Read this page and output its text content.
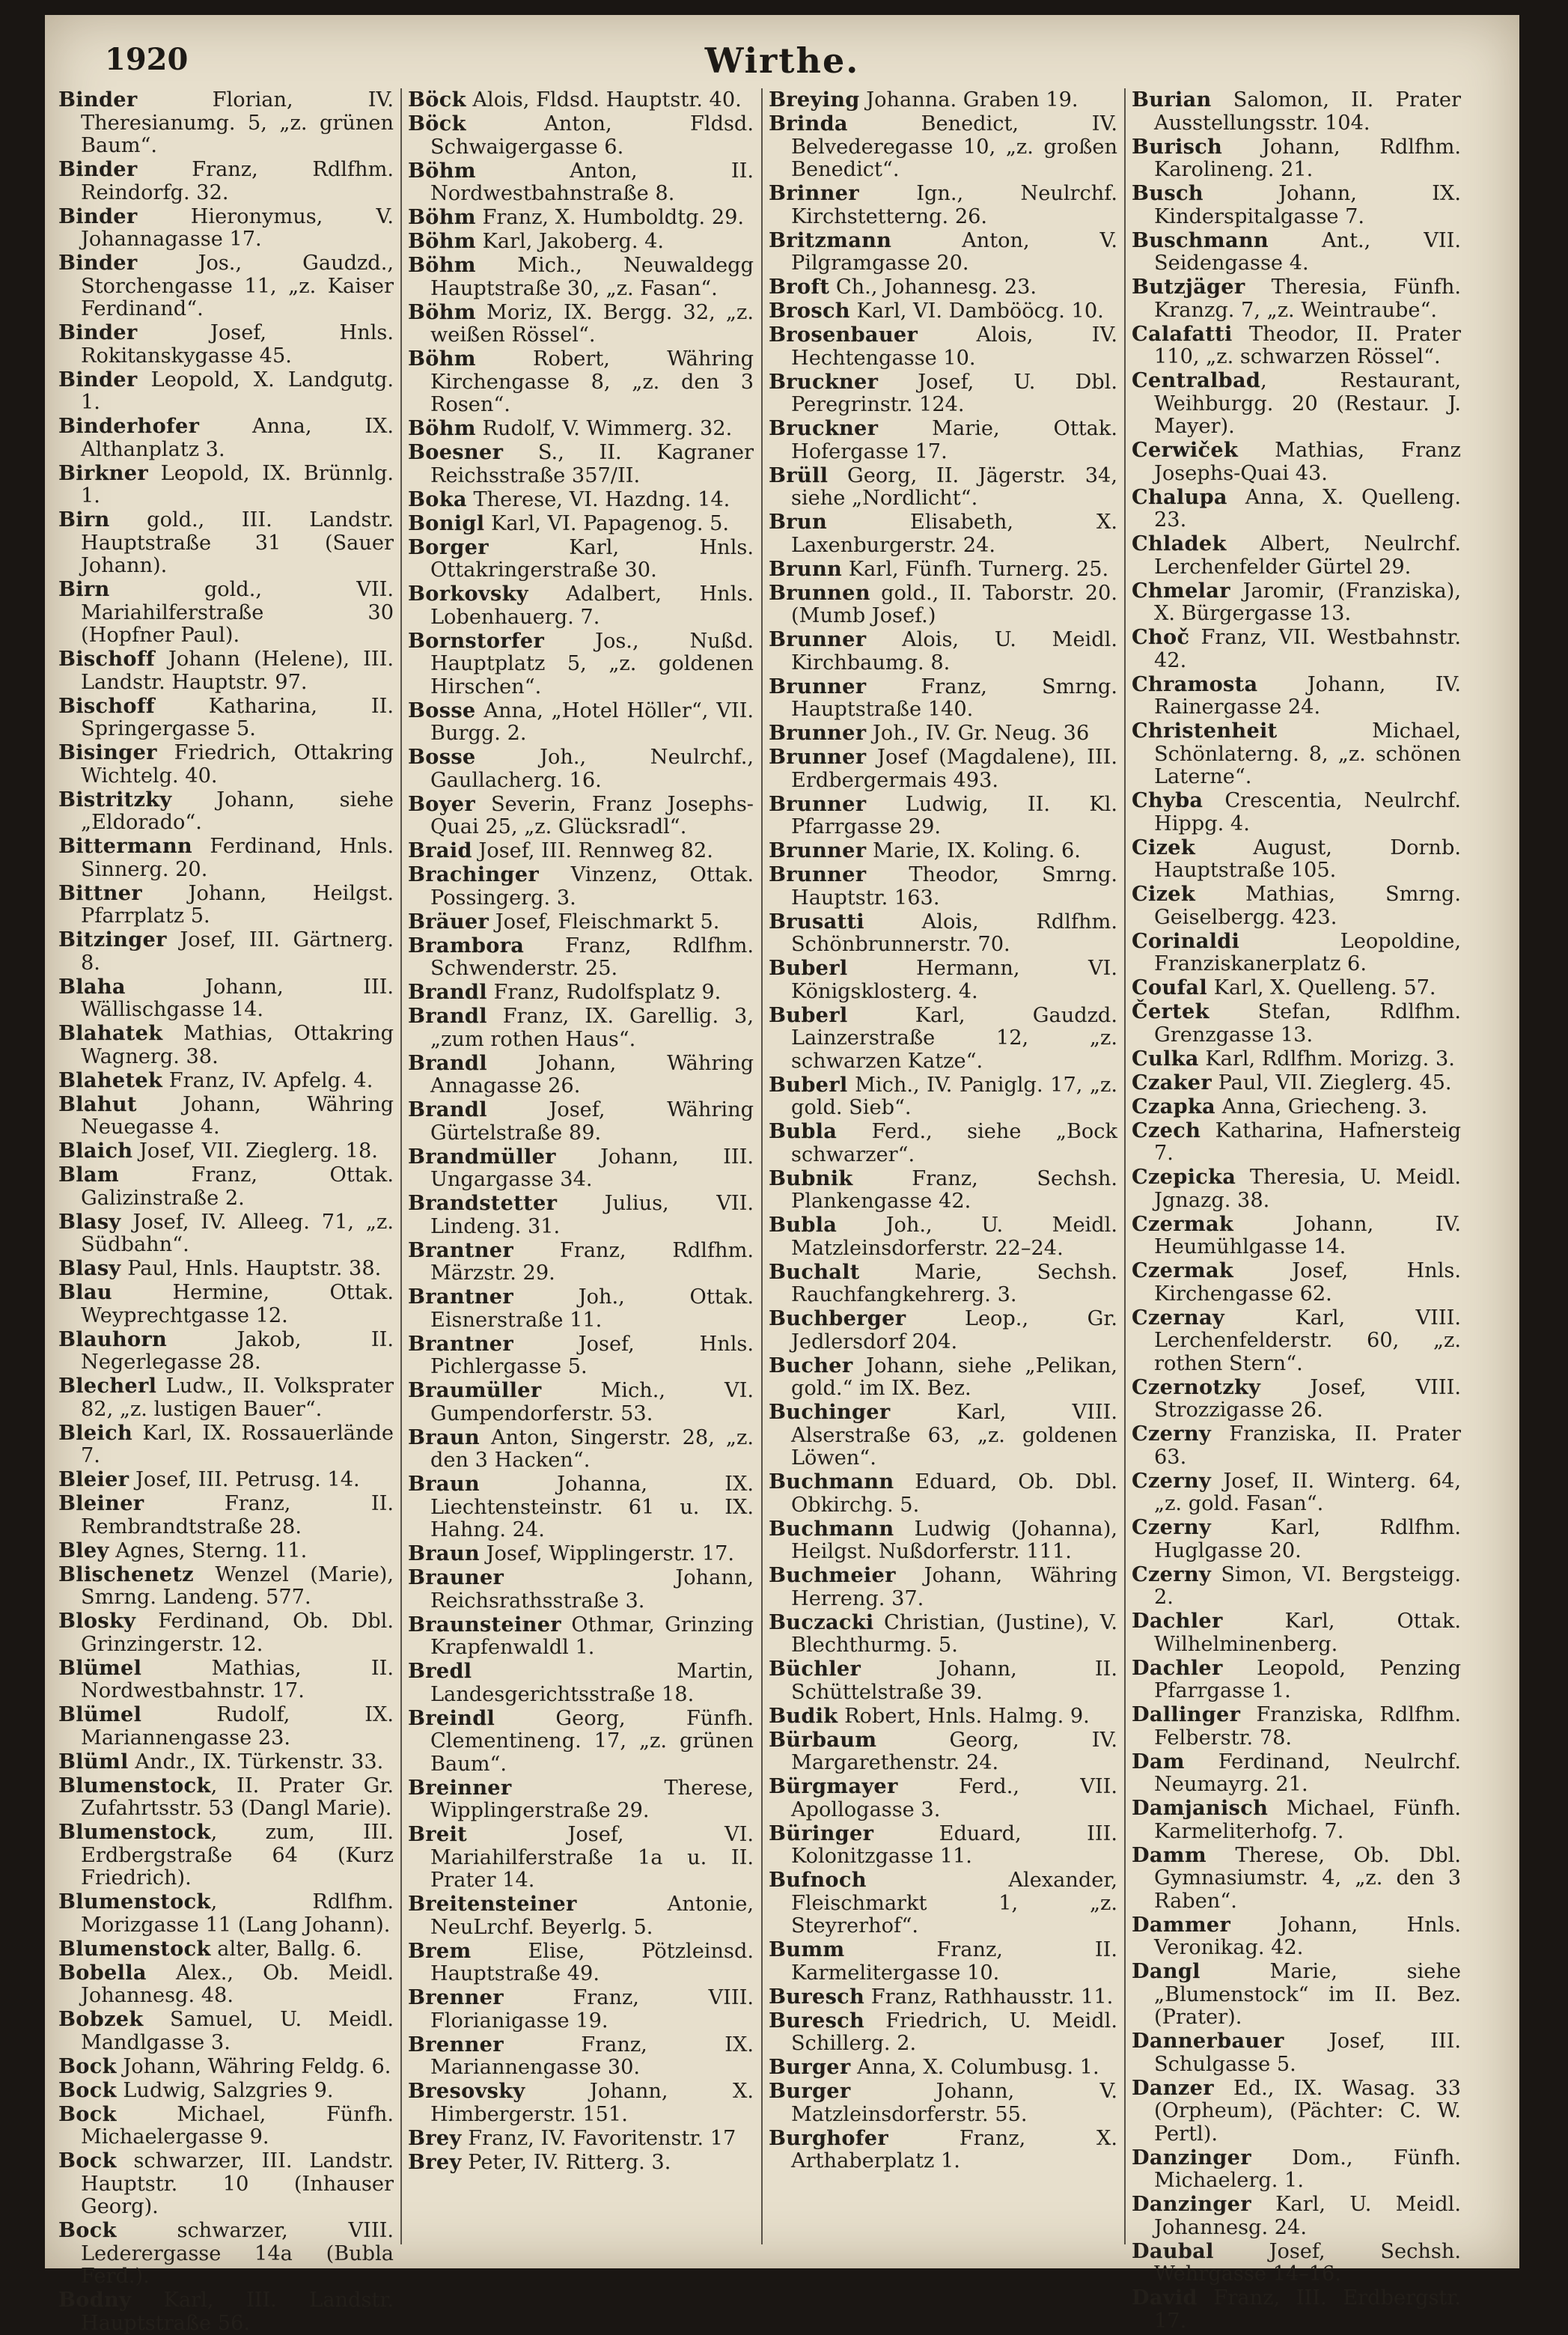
1920	Wirthe.

Binder	Florian, IV. Theresianumg. 5, „z. grünen Baum“.

Binder	Franz, Rdlfhm. Reindorfg. 32.

Binder	Hieronymus, V. Johannagasse 17.

Binder	Jos., Gaudzd., Storchengasse 11, „z. Kaiser Ferdinand“.

Binder	Josef, Hnls. Rokitanskygasse 45.

Binder Leopold, X. Landgutg. 1.

Binderhofer	Anna, IX. Althanplatz 3.

Birkner Leopold, IX. Brünnlg. 1.

Birn gold., III. Landstr. Hauptstraße 31 (Sauer Johann).

Birn	gold., VII. Mariahilferstraße 30 (Hopfner Paul).

Bischoff Johann (Helene), III. Landstr. Hauptstr. 97.

Bischoff	Katharina, II. Springergasse 5.

Bisinger Friedrich, Ottakring Wichtelg. 40.

Bistritzky Johann, siehe „Eldorado“.

Bittermann Ferdinand, Hnls. Sinnerg. 20.

Bittner Johann, Heilgst. Pfarrplatz 5.

Bitzinger Josef, III. Gärtnerg. 8.

Blaha	Johann, III. Wällischgasse 14.

Blahatek Mathias, Ottakring Wagnerg. 38.

Blahetek Franz, IV. Apfelg. 4.

Blahut Johann, Währing Neuegasse 4.

Blaich Josef, VII. Zieglerg. 18.

Blam	Franz, Ottak. Galizinstraße 2.

Blasy Josef, IV. Alleeg. 71, „z. Südbahn“.

Blasy Paul, Hnls. Hauptstr. 38.

Blau	Hermine, Ottak. Weyprechtgasse 12.

Blauhorn	Jakob, II. Negerlegasse 28.

Blecherl Ludw., II. Volksprater 82, „z. lustigen Bauer“.

Bleich Karl, IX. Rossauerlände 7.

Bleier Josef, III. Petrusg. 14.

Bleiner	Franz, II. Rembrandtstraße 28.

Bley Agnes, Sterng. 11.

Blischenetz Wenzel (Marie), Smrng. Landeng. 577.

Blosky Ferdinand, Ob. Dbl. Grinzingerstr. 12.

Blümel	Mathias, II. Nordwestbahnstr. 17.

Blümel	Rudolf, IX. Mariannengasse 23.

Blüml Andr., IX. Türkenstr. 33.

Blumenstock, II. Prater Gr. Zufahrtsstr. 53 (Dangl Marie).

Blumenstock, zum, III. Erdbergstraße 64 (Kurz Friedrich).

Blumenstock, Rdlfhm. Morizgasse 11 (Lang Johann).

Blumenstock alter, Ballg. 6.

Bobella Alex., Ob. Meidl. Johannesg. 48.

Bobzek Samuel, U. Meidl. Mandlgasse 3.

Bock Johann, Währing Feldg. 6.

Bock Ludwig, Salzgries 9.

Bock	Michael, Fünfh. Michaelergasse 9.

Bock schwarzer, III. Landstr. Hauptstr. 10 (Inhauser Georg).

Bock	schwarzer, VIII. Lederergasse 14a (Bubla Ferd.).

Bodny Karl, III. Landstr. Hauptstraße 56.

Böck Alois, Fldsd. Hauptstr. 40.

Böck	Anton, Fldsd. Schwaigergasse 6.

Böhm	Anton, II. Nordwestbahnstraße 8.

Böhm Franz, X. Humboldtg. 29.

Böhm Karl, Jakoberg. 4.

Böhm Mich., Neuwaldegg Hauptstraße 30, „z. Fasan“.

Böhm Moriz, IX. Bergg. 32, „z. weißen Rössel“.

Böhm	Robert, Währing Kirchengasse 8, „z. den 3 Rosen“.

Böhm Rudolf, V. Wimmerg. 32.

Boesner S., II. Kagraner Reichsstraße 357/II.

Boka Therese, VI. Hazdng. 14.

Bonigl Karl, VI. Papagenog. 5.

Borger	Karl, Hnls. Ottakringerstraße 30.

Borkovsky Adalbert, Hnls. Lobenhauerg. 7.

Bornstorfer Jos., Nußd. Hauptplatz 5, „z. goldenen Hirschen“.

Bosse Anna, „Hotel Höller“, VII. Burgg. 2.

Bosse	Joh., Neulrchf., Gaullacherg. 16.

Boyer Severin, Franz Josephs-Quai 25, „z. Glücksradl“.

Braid Josef, III. Rennweg 82.

Brachinger Vinzenz, Ottak. Possingerg. 3.

Bräuer Josef, Fleischmarkt 5.

Brambora Franz, Rdlfhm. Schwenderstr. 25.

Brandl Franz, Rudolfsplatz 9.

Brandl Franz, IX. Garellig. 3, „zum rothen Haus“.

Brandl Johann, Währing Annagasse 26.

Brandl	Josef, Währing Gürtelstraße 89.

Brandmüller Johann, III. Ungargasse 34.

Brandstetter Julius, VII. Lindeng. 31.

Brantner Franz, Rdlfhm. Märzstr. 29.

Brantner	Joh., Ottak. Eisnerstraße 11.

Brantner	Josef, Hnls. Pichlergasse 5.

Braumüller	Mich., VI. Gumpendorferstr. 53.

Braun Anton, Singerstr. 28, „z. den 3 Hacken“.

Braun	Johanna, IX. Liechtensteinstr. 61 u. IX. Hahng. 24.

Braun Josef, Wipplingerstr. 17.

Brauner	Johann, Reichsrathsstraße 3.

Braunsteiner Othmar, Grinzing Krapfenwaldl 1.

Bredl	Martin, Landesgerichtsstraße 18.

Breindl	Georg, Fünfh. Clementineng. 17, „z. grünen Baum“.

Breinner	Therese, Wipplingerstraße 29.

Breit	Josef, VI. Mariahilferstraße 1a u. II. Prater 14.

Breitensteiner	Antonie, NeuLrchf. Beyerlg. 5.

Brem	Elise, Pötzleinsd. Hauptstraße 49.

Brenner	Franz, VIII. Florianigasse 19.

Brenner	Franz, IX. Mariannengasse 30.

Bresovsky	Johann, X. Himbergerstr. 151.

Brey Franz, IV. Favoritenstr. 17

Brey Peter, IV. Ritterg. 3.

Breying Johanna. Graben 19.

Brinda	Benedict, IV. Belvederegasse 10, „z. großen Benedict“.

Brinner	Ign., Neulrchf. Kirchstetterng. 26.

Britzmann	Anton, V. Pilgramgasse 20.

Broft Ch., Johannesg. 23.

Brosch Karl, VI. Dambööcg. 10.

Brosenbauer	Alois, IV. Hechtengasse 10.

Bruckner Josef, U. Dbl. Peregrinstr. 124.

Bruckner	Marie, Ottak. Hofergasse 17.

Brüll Georg, II. Jägerstr. 34, siehe „Nordlicht“.

Brun	Elisabeth, X. Laxenburgerstr. 24.

Brunn Karl, Fünfh. Turnerg. 25.

Brunnen gold., II. Taborstr. 20. (Mumb Josef.)

Brunner Alois, U. Meidl. Kirchbaumg. 8.

Brunner	Franz, Smrng. Hauptstraße 140.

Brunner Joh., IV. Gr. Neug. 36

Brunner Josef (Magdalene), III. Erdbergermais 493.

Brunner Ludwig, II. Kl. Pfarrgasse 29.

Brunner Marie, IX. Koling. 6.

Brunner Theodor, Smrng. Hauptstr. 163.

Brusatti	Alois, Rdlfhm. Schönbrunnerstr. 70.

Buberl	Hermann, VI. Königsklosterg. 4.

Buberl	Karl, Gaudzd. Lainzerstraße 12, „z. schwarzen Katze“.

Buberl Mich., IV. Paniglg. 17, „z. gold. Sieb“.

Bubla Ferd., siehe „Bock schwarzer“.

Bubnik	Franz, Sechsh. Plankengasse 42.

Bubla Joh., U. Meidl. Matzleinsdorferstr. 22–24.

Buchalt	Marie, Sechsh. Rauchfangkehrerg. 3.

Buchberger	Leop., Gr. Jedlersdorf 204.

Bucher Johann, siehe „Pelikan, gold.“ im IX. Bez.

Buchinger	Karl, VIII. Alserstraße 63, „z. goldenen Löwen“.

Buchmann Eduard, Ob. Dbl. Obkirchg. 5.

Buchmann Ludwig (Johanna), Heilgst. Nußdorferstr. 111.

Buchmeier Johann, Währing Herreng. 37.

Buczacki Christian, (Justine), V. Blechthurmg. 5.

Büchler	Johann, II. Schüttelstraße 39.

Budik Robert, Hnls. Halmg. 9.

Bürbaum	Georg, IV. Margarethenstr. 24.

Bürgmayer	Ferd., VII. Apollogasse 3.

Büringer	Eduard, III. Kolonitzgasse 11.

Bufnoch	Alexander, Fleischmarkt 1, „z. Steyrerhof“.

Bumm	Franz, II. Karmelitergasse 10.

Buresch Franz, Rathhausstr. 11.

Buresch Friedrich, U. Meidl. Schillerg. 2.

Burger Anna, X. Columbusg. 1.

Burger	Johann, V. Matzleinsdorferstr. 55.

Burghofer	Franz, X. Arthaberplatz 1.

Burian Salomon, II. Prater Ausstellungsstr. 104.

Burisch Johann, Rdlfhm. Karolineng. 21.

Busch	Johann, IX. Kinderspitalgasse 7.

Buschmann	Ant., VII. Seidengasse 4.

Butzjäger Theresia, Fünfh. Kranzg. 7, „z. Weintraube“.

Calafatti Theodor, II. Prater 110, „z. schwarzen Rössel“.

Centralbad, Restaurant, Weihburgg. 20 (Restaur. J. Mayer).

Cerwiček Mathias, Franz Josephs-Quai 43.

Chalupa Anna, X. Quelleng. 23.

Chladek Albert, Neulrchf. Lerchenfelder Gürtel 29.

Chmelar Jaromir, (Franziska), X. Bürgergasse 13.

Choč Franz, VII. Westbahnstr. 42.

Chramosta Johann, IV. Rainergasse 24.

Christenheit	Michael, Schönlaterng. 8, „z. schönen Laterne“.

Chyba Crescentia, Neulrchf. Hippg. 4.

Cizek	August, Dornb. Hauptstraße 105.

Cizek Mathias, Smrng. Geiselbergg. 423.

Corinaldi	Leopoldine, Franziskanerplatz 6.

Coufal Karl, X. Quelleng. 57.

Čertek Stefan, Rdlfhm. Grenzgasse 13.

Culka Karl, Rdlfhm. Morizg. 3.

Czaker Paul, VII. Zieglerg. 45.

Czapka Anna, Griecheng. 3.

Czech Katharina, Hafnersteig 7.

Czepicka Theresia, U. Meidl. Jgnazg. 38.

Czermak	Johann, IV. Heumühlgasse 14.

Czermak	Josef, Hnls. Kirchengasse 62.

Czernay	Karl, VIII. Lerchenfelderstr. 60, „z. rothen Stern“.

Czernotzky Josef, VIII. Strozzigasse 26.

Czerny Franziska, II. Prater 63.

Czerny Josef, II. Winterg. 64, „z. gold. Fasan“.

Czerny	Karl, Rdlfhm. Huglgasse 20.

Czerny Simon, VI. Bergsteigg. 2.

Dachler	Karl, Ottak. Wilhelminenberg.

Dachler Leopold, Penzing Pfarrgasse 1.

Dallinger Franziska, Rdlfhm. Felberstr. 78.

Dam Ferdinand, Neulrchf. Neumayrg. 21.

Damjanisch Michael, Fünfh. Karmeliterhofg. 7.

Damm Therese, Ob. Dbl. Gymnasiumstr. 4, „z. den 3 Raben“.

Dammer Johann, Hnls. Veronikag. 42.

Dangl	Marie, siehe „Blumenstock“ im II. Bez. (Prater).

Dannerbauer Josef, III. Schulgasse 5.

Danzer Ed., IX. Wasag. 33 (Orpheum), (Pächter: C. W. Pertl).

Danzinger Dom., Fünfh. Michaelerg. 1.

Danzinger Karl, U. Meidl. Johannesg. 24.

Daubal	Josef, Sechsh. Wehrgasse 14–16.

David Franz, III. Erdbergstr. 17.
